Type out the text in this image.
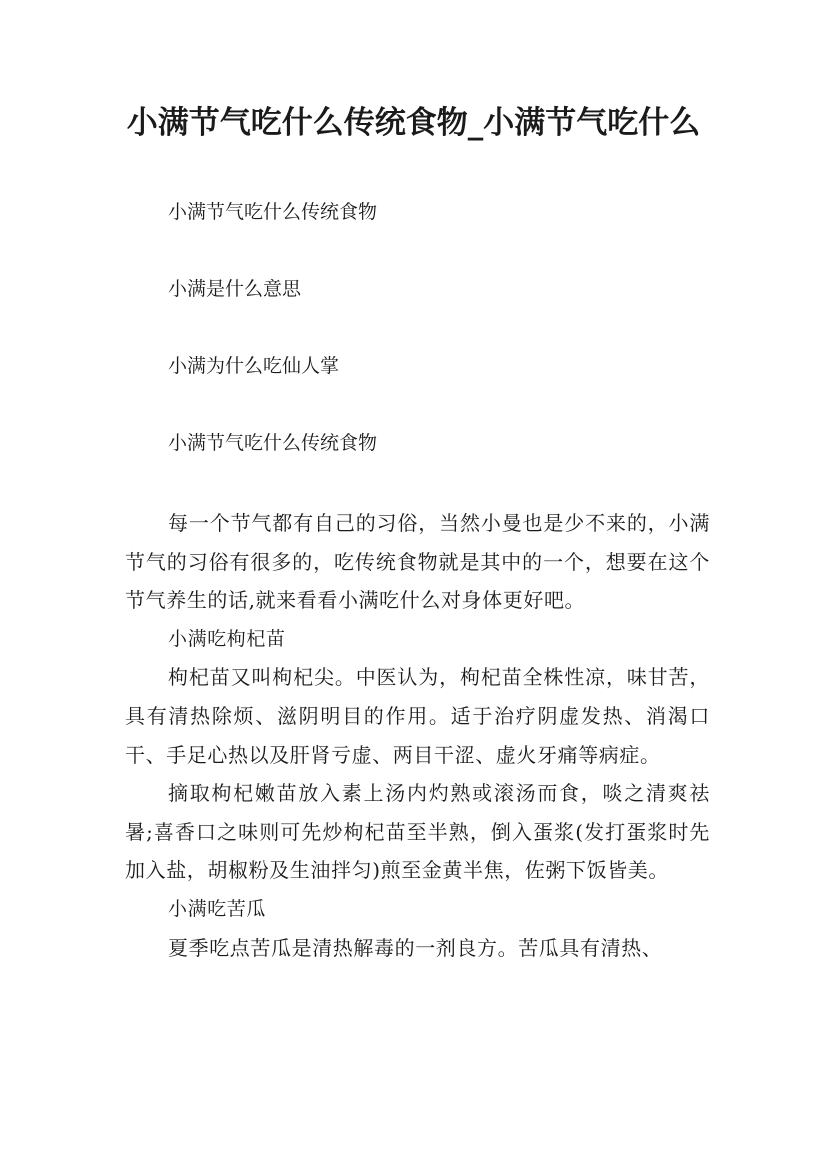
小满节气吃什么传统食物_小满节气吃什么
小满节气吃什么传统食物
小满是什么意思
小满为什么吃仙人掌
小满节气吃什么传统食物

每一个节气都有自己的习俗，当然小曼也是少不来的，小满节气的习俗有很多的，吃传统食物就是其中的一个，想要在这个节气养生的话,就来看看小满吃什么对身体更好吧。

小满吃枸杞苗

枸杞苗又叫枸杞尖。中医认为，枸杞苗全株性凉，味甘苦，具有清热除烦、滋阴明目的作用。适于治疗阴虚发热、消渴口干、手足心热以及肝肾亏虚、两目干涩、虚火牙痛等病症。

摘取枸杞嫩苗放入素上汤内灼熟或滚汤而食，啖之清爽祛暑;喜香口之味则可先炒枸杞苗至半熟，倒入蛋浆(发打蛋浆时先加入盐，胡椒粉及生油拌匀)煎至金黄半焦，佐粥下饭皆美。

小满吃苦瓜

夏季吃点苦瓜是清热解毒的一剂良方。苦瓜具有清热、
